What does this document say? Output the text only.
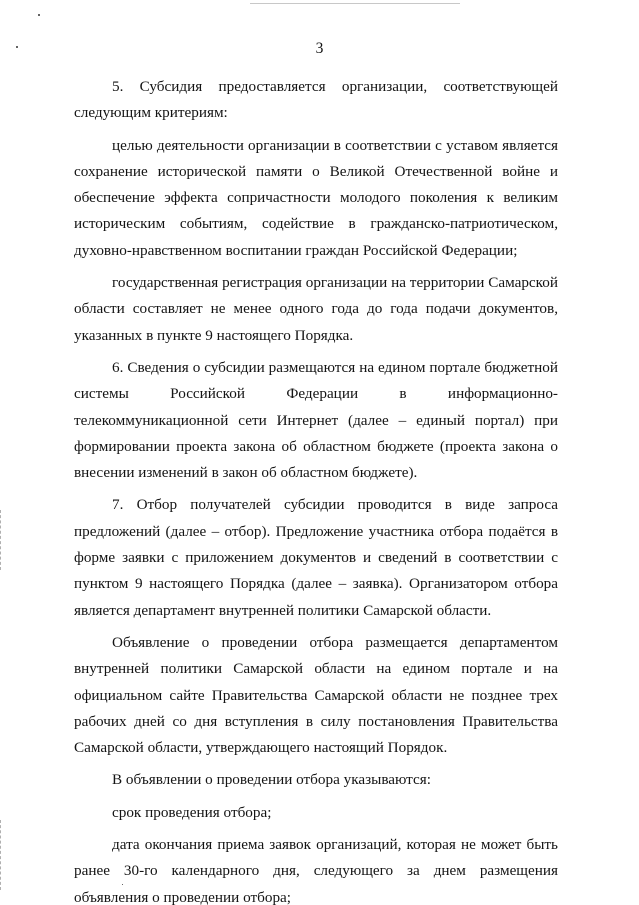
3

5. Субсидия предоставляется организации, соответствующей следующим критериям:

целью деятельности организации в соответствии с уставом является сохранение исторической памяти о Великой Отечественной войне и обеспечение эффекта сопричастности молодого поколения к великим историческим событиям, содействие в гражданско-патриотическом, духовно-нравственном воспитании граждан Российской Федерации;

государственная регистрация организации на территории Самарской области составляет не менее одного года до года подачи документов, указанных в пункте 9 настоящего Порядка.

6. Сведения о субсидии размещаются на едином портале бюджетной системы Российской Федерации в информационно-телекоммуникационной сети Интернет (далее – единый портал) при формировании проекта закона об областном бюджете (проекта закона о внесении изменений в закон об областном бюджете).

7. Отбор получателей субсидии проводится в виде запроса предложений (далее – отбор). Предложение участника отбора подаётся в форме заявки с приложением документов и сведений в соответствии с пунктом 9 настоящего Порядка (далее – заявка). Организатором отбора является департамент внутренней политики Самарской области.

Объявление о проведении отбора размещается департаментом внутренней политики Самарской области на едином портале и на официальном сайте Правительства Самарской области не позднее трех рабочих дней со дня вступления в силу постановления Правительства Самарской области, утверждающего настоящий Порядок.

В объявлении о проведении отбора указываются:

срок проведения отбора;

дата окончания приема заявок организаций, которая не может быть ранее 30-го календарного дня, следующего за днем размещения объявления о проведении отбора;
